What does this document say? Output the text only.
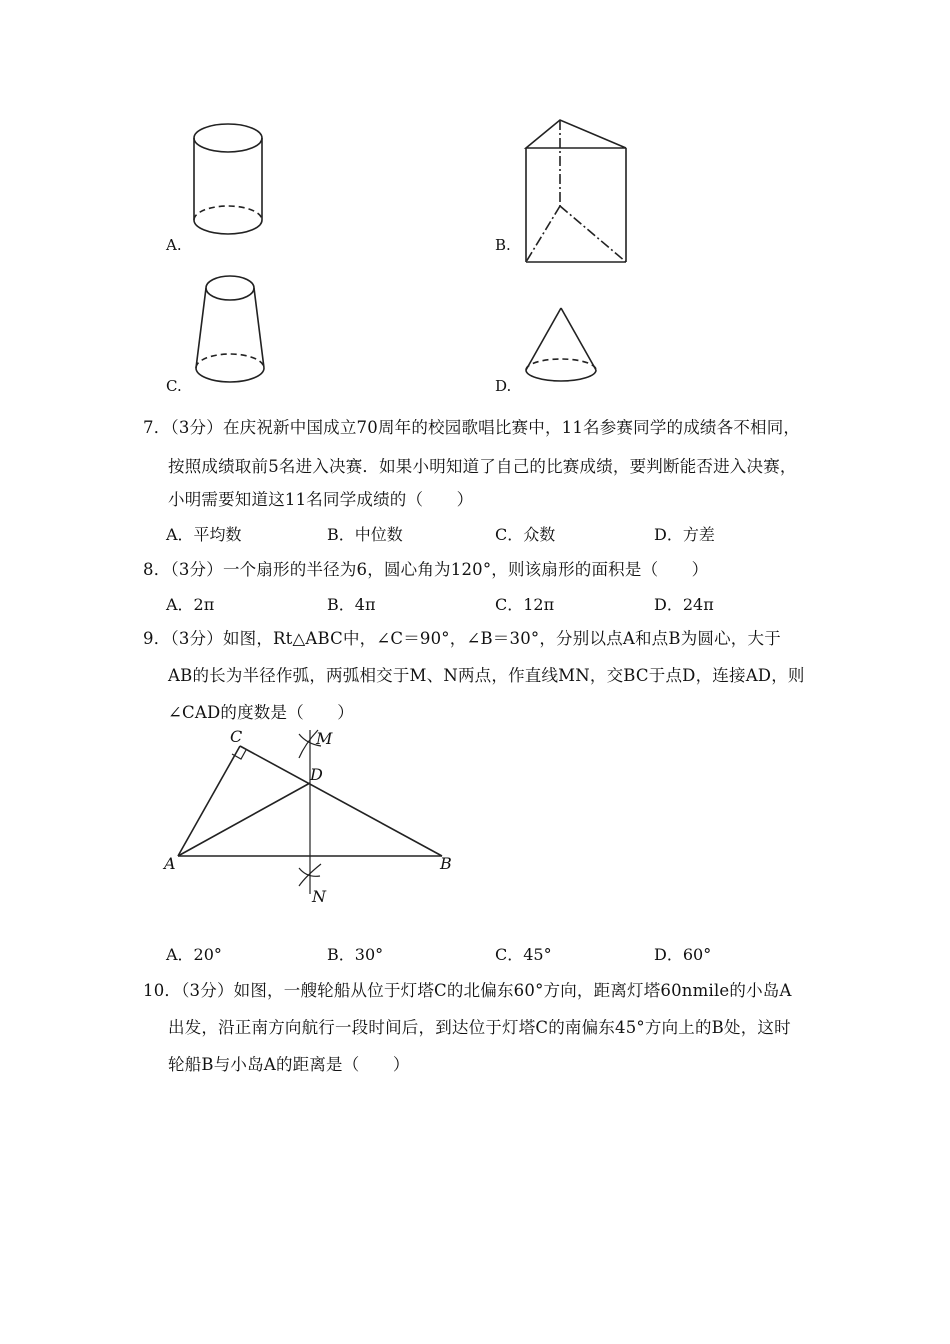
A.	B.
C.	D.
7．（3分）在庆祝新中国成立70周年的校园歌唱比赛中，11名参赛同学的成绩各不相同，
按照成绩取前5名进入决赛．如果小明知道了自己的比赛成绩，要判断能否进入决赛，
小明需要知道这11名同学成绩的（　　）
A．平均数	B．中位数	C．众数	D．方差
8．（3分）一个扇形的半径为6，圆心角为120°，则该扇形的面积是（　　）
A．2π	B．4π	C．12π	D．24π
9．（3分）如图，Rt△ABC中，∠C＝90°，∠B＝30°，分别以点A和点B为圆心，大于
AB的长为半径作弧，两弧相交于M、N两点，作直线MN，交BC于点D，连接AD，则
∠CAD的度数是（　　）
C	M
D
A	B
N
A．20°	B．30°	C．45°	D．60°
10．（3分）如图，一艘轮船从位于灯塔C的北偏东60°方向，距离灯塔60nmile的小岛A
出发，沿正南方向航行一段时间后，到达位于灯塔C的南偏东45°方向上的B处，这时
轮船B与小岛A的距离是（　　）
